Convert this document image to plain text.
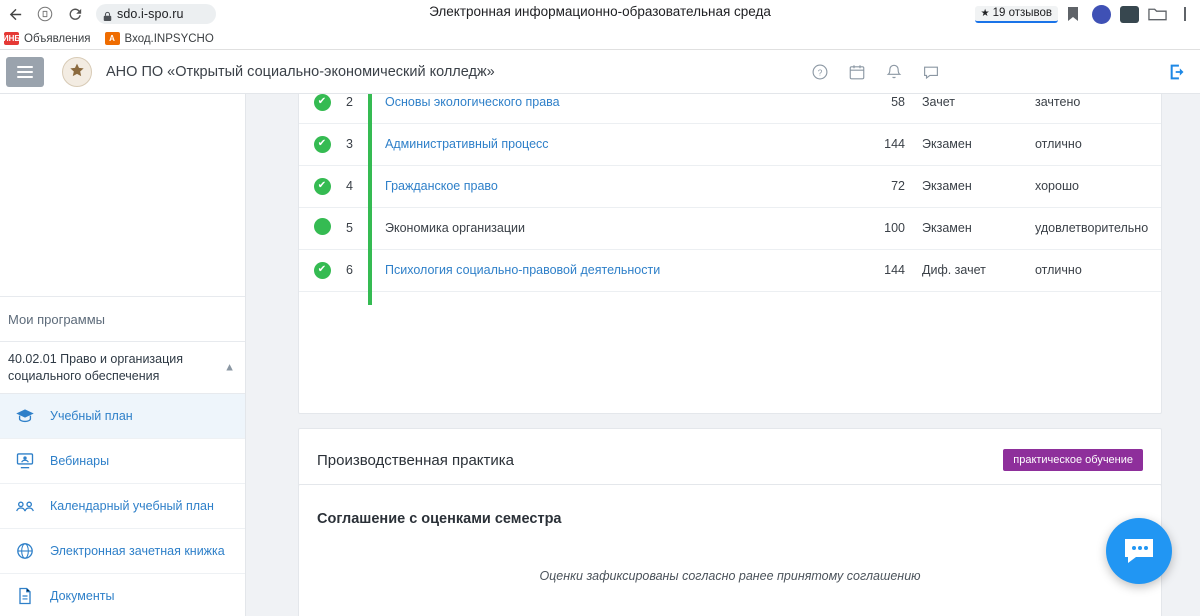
sdo.i-spo.ru	Электронная информационно-образовательная среда	★ 19 отзывов
ИНБ Объявления	A Вход.INPSYCHO
АНО ПО «Открытый социально-экономический колледж»	?
Мои программы
40.02.01 Право и организация социального обеспечения
▲
Учебный план
Вебинары
Календарный учебный план
Электронная зачетная книжка
Документы
✔	2	Основы экологического права		58	Зачет	зачтено
✔	3	Административный процесс		144	Экзамен	отлично
✔	4	Гражданское право		72	Экзамен	хорошо
	5	Экономика организации		100	Экзамен	удовлетворительно
✔	6	Психология социально-правовой деятельности		144	Диф. зачет	отлично
Производственная практика	практическое обучение

Соглашение с оценками семестра
Оценки зафиксированы согласно ранее принятому соглашению
